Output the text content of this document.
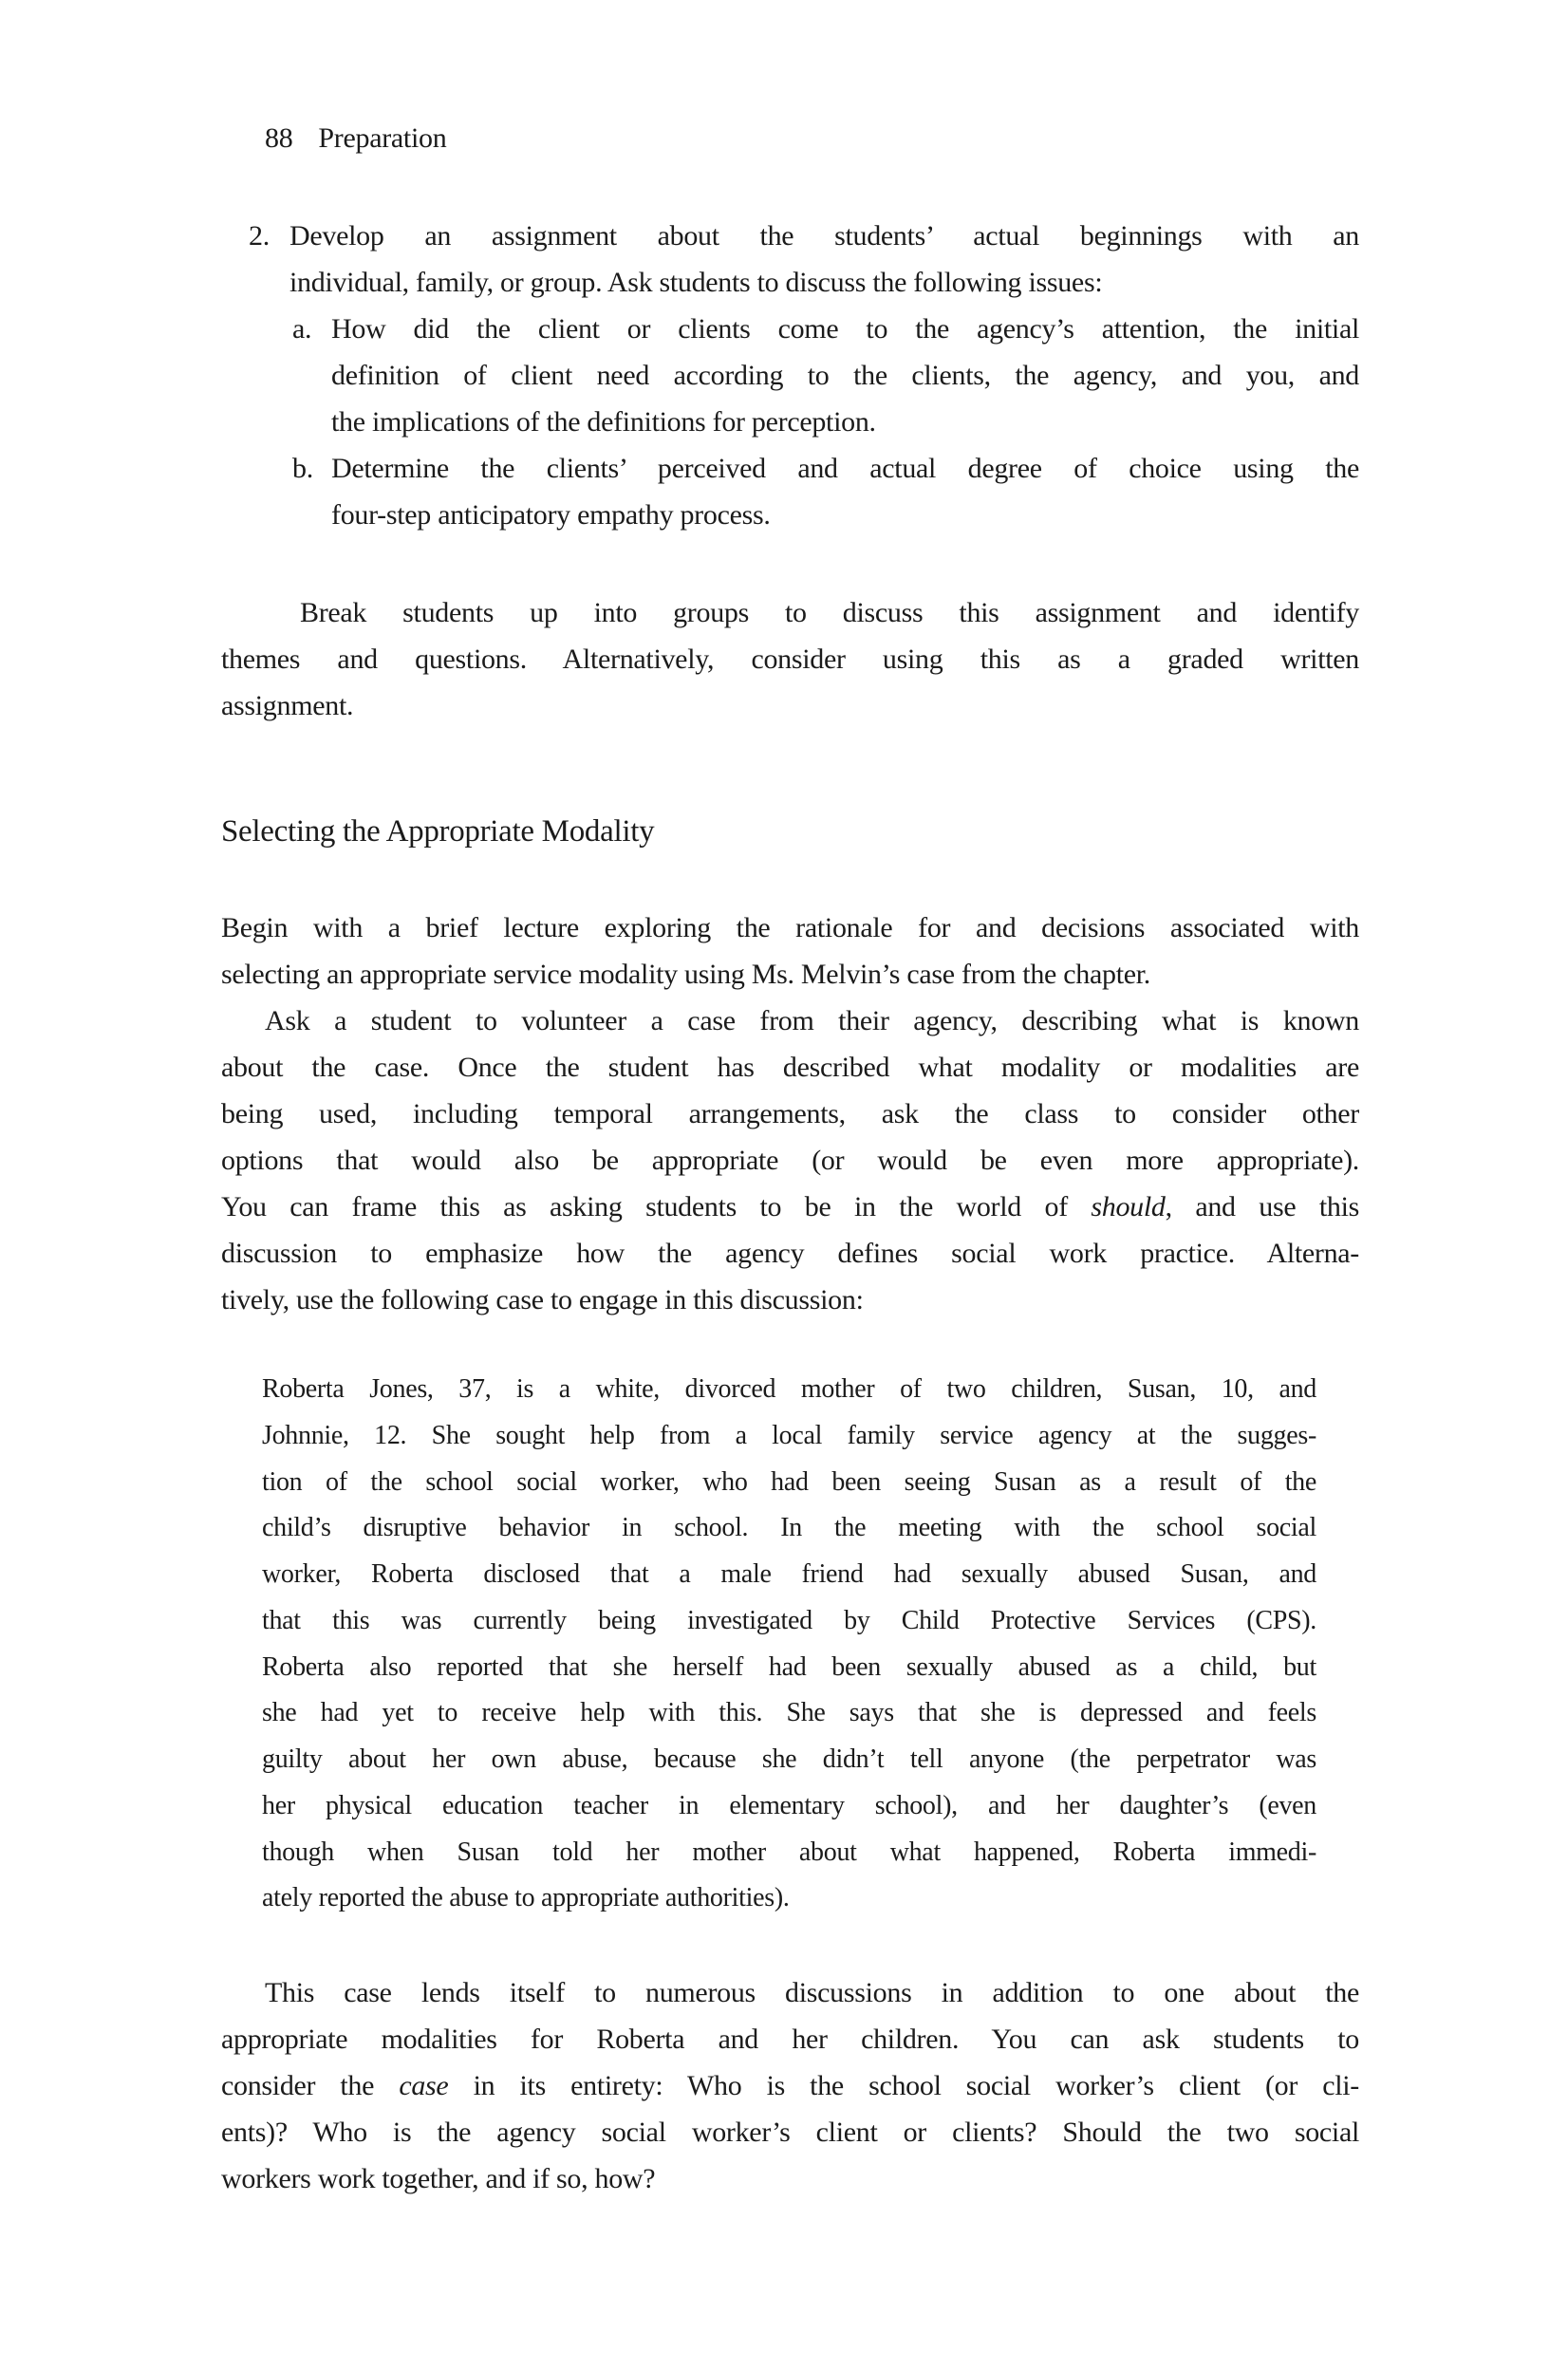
88 Preparation
2. Develop an assignment about the students’ actual beginnings with an
individual, family, or group. Ask students to discuss the following issues:
a. How did the client or clients come to the agency’s attention, the initial
definition of client need according to the clients, the agency, and you, and
the implications of the definitions for perception.
b. Determine the clients’ perceived and actual degree of choice using the
four-step anticipatory empathy process.
Break students up into groups to discuss this assignment and identify
themes and questions. Alternatively, consider using this as a graded written
assignment.
Selecting the Appropriate Modality
Begin with a brief lecture exploring the rationale for and decisions associated with
selecting an appropriate service modality using Ms. Melvin’s case from the chapter.
Ask a student to volunteer a case from their agency, describing what is known
about the case. Once the student has described what modality or modalities are
being used, including temporal arrangements, ask the class to consider other
options that would also be appropriate (or would be even more appropriate).
You can frame this as asking students to be in the world of should, and use this
discussion to emphasize how the agency defines social work practice. Alterna-
tively, use the following case to engage in this discussion:
Roberta Jones, 37, is a white, divorced mother of two children, Susan, 10, and
Johnnie, 12. She sought help from a local family service agency at the sugges-
tion of the school social worker, who had been seeing Susan as a result of the
child’s disruptive behavior in school. In the meeting with the school social
worker, Roberta disclosed that a male friend had sexually abused Susan, and
that this was currently being investigated by Child Protective Services (CPS).
Roberta also reported that she herself had been sexually abused as a child, but
she had yet to receive help with this. She says that she is depressed and feels
guilty about her own abuse, because she didn’t tell anyone (the perpetrator was
her physical education teacher in elementary school), and her daughter’s (even
though when Susan told her mother about what happened, Roberta immedi-
ately reported the abuse to appropriate authorities).
This case lends itself to numerous discussions in addition to one about the
appropriate modalities for Roberta and her children. You can ask students to
consider the case in its entirety: Who is the school social worker’s client (or cli-
ents)? Who is the agency social worker’s client or clients? Should the two social
workers work together, and if so, how?
